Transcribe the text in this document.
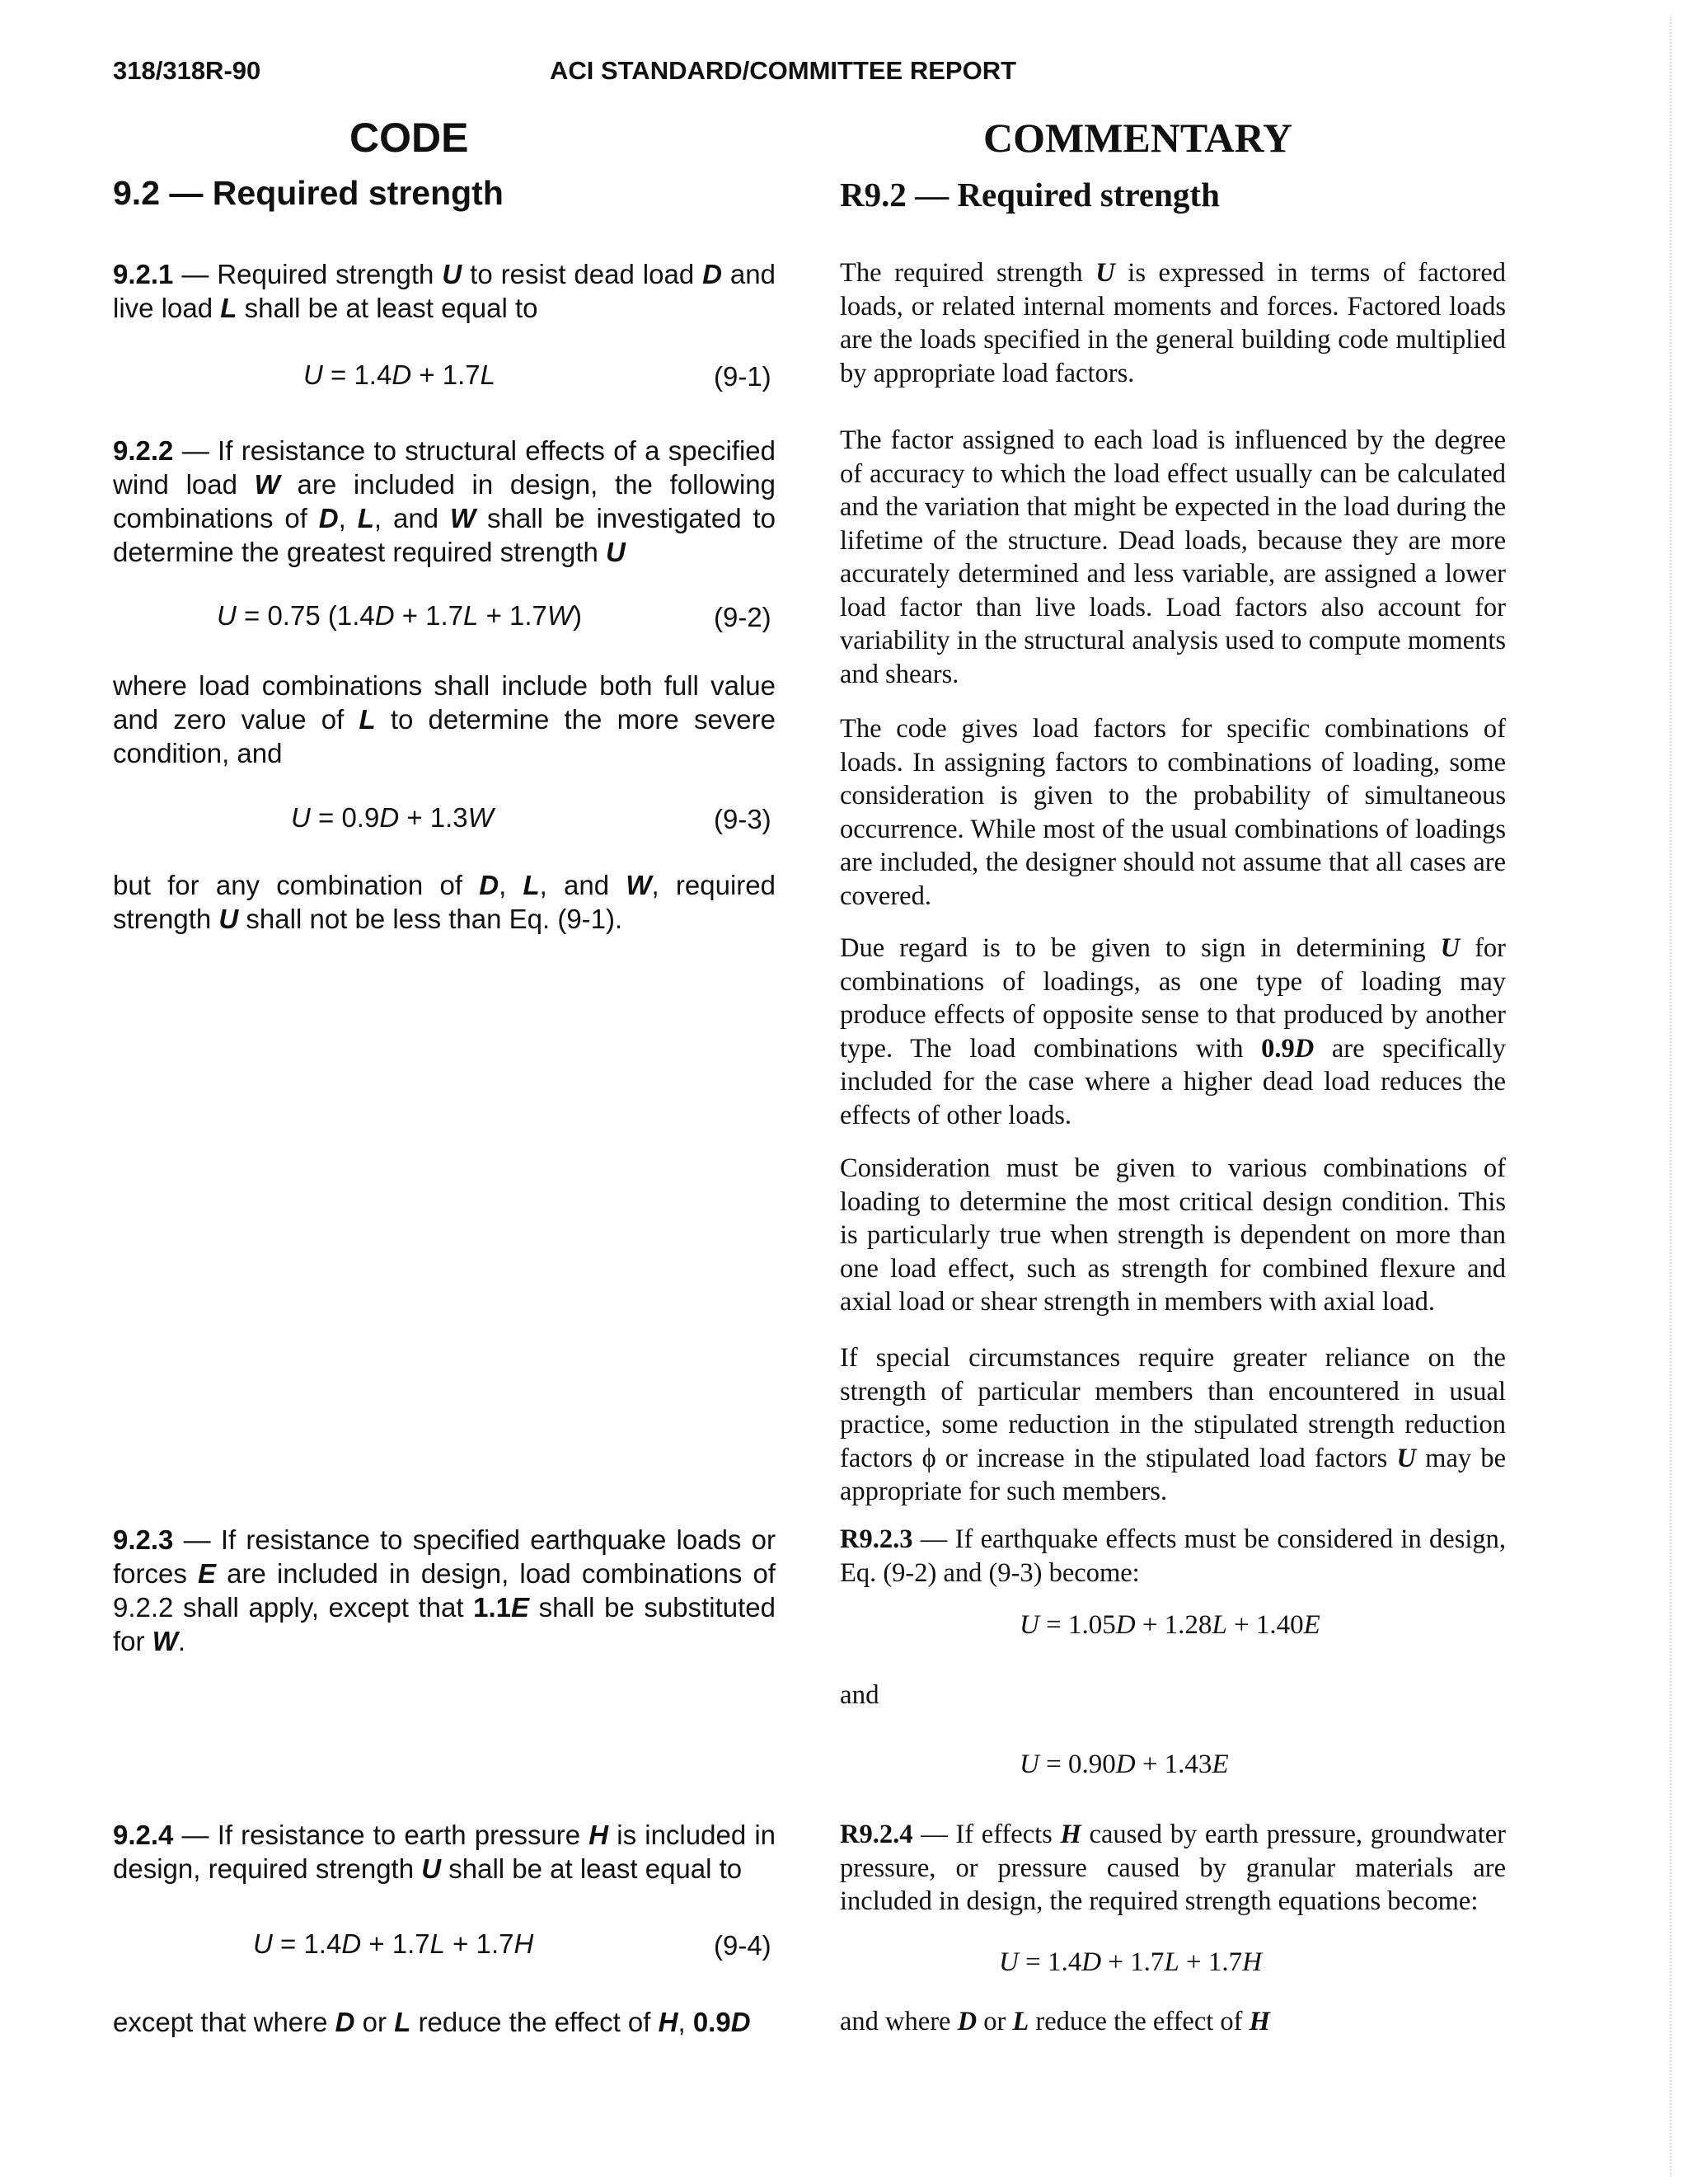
318/318R-90	ACI STANDARD/COMMITTEE REPORT
CODE	COMMENTARY
9.2 — Required strength	R9.2 — Required strength
9.2.1 — Required strength U to resist dead load D and live load L shall be at least equal to
U = 1.4D + 1.7L	(9-1)
9.2.2 — If resistance to structural effects of a specified wind load W are included in design, the following combinations of D, L, and W shall be investigated to determine the greatest required strength U
U = 0.75 (1.4D + 1.7L + 1.7W)	(9-2)
where load combinations shall include both full value and zero value of L to determine the more severe condition, and
U = 0.9D + 1.3W	(9-3)
but for any combination of D, L, and W, required strength U shall not be less than Eq. (9-1).
9.2.3 — If resistance to specified earthquake loads or forces E are included in design, load combinations of 9.2.2 shall apply, except that 1.1E shall be substituted for W.
9.2.4 — If resistance to earth pressure H is included in design, required strength U shall be at least equal to
U = 1.4D + 1.7L + 1.7H	(9-4)
except that where D or L reduce the effect of H, 0.9D
The required strength U is expressed in terms of factored loads, or related internal moments and forces. Factored loads are the loads specified in the general building code multiplied by appropriate load factors.
The factor assigned to each load is influenced by the degree of accuracy to which the load effect usually can be calculated and the variation that might be expected in the load during the lifetime of the structure. Dead loads, because they are more accurately determined and less variable, are assigned a lower load factor than live loads. Load factors also account for variability in the structural analysis used to compute moments and shears.
The code gives load factors for specific combinations of loads. In assigning factors to combinations of loading, some consideration is given to the probability of simultaneous occurrence. While most of the usual combinations of loadings are included, the designer should not assume that all cases are covered.
Due regard is to be given to sign in determining U for combinations of loadings, as one type of loading may produce effects of opposite sense to that produced by another type. The load combinations with 0.9D are specifically included for the case where a higher dead load reduces the effects of other loads.
Consideration must be given to various combinations of loading to determine the most critical design condition. This is particularly true when strength is dependent on more than one load effect, such as strength for combined flexure and axial load or shear strength in members with axial load.
If special circumstances require greater reliance on the strength of particular members than encountered in usual practice, some reduction in the stipulated strength reduction factors ϕ or increase in the stipulated load factors U may be appropriate for such members.
R9.2.3 — If earthquake effects must be considered in design, Eq. (9-2) and (9-3) become:
U = 1.05D + 1.28L + 1.40E
and
U = 0.90D + 1.43E
R9.2.4 — If effects H caused by earth pressure, groundwater pressure, or pressure caused by granular materials are included in design, the required strength equations become:
U = 1.4D + 1.7L + 1.7H
and where D or L reduce the effect of H
